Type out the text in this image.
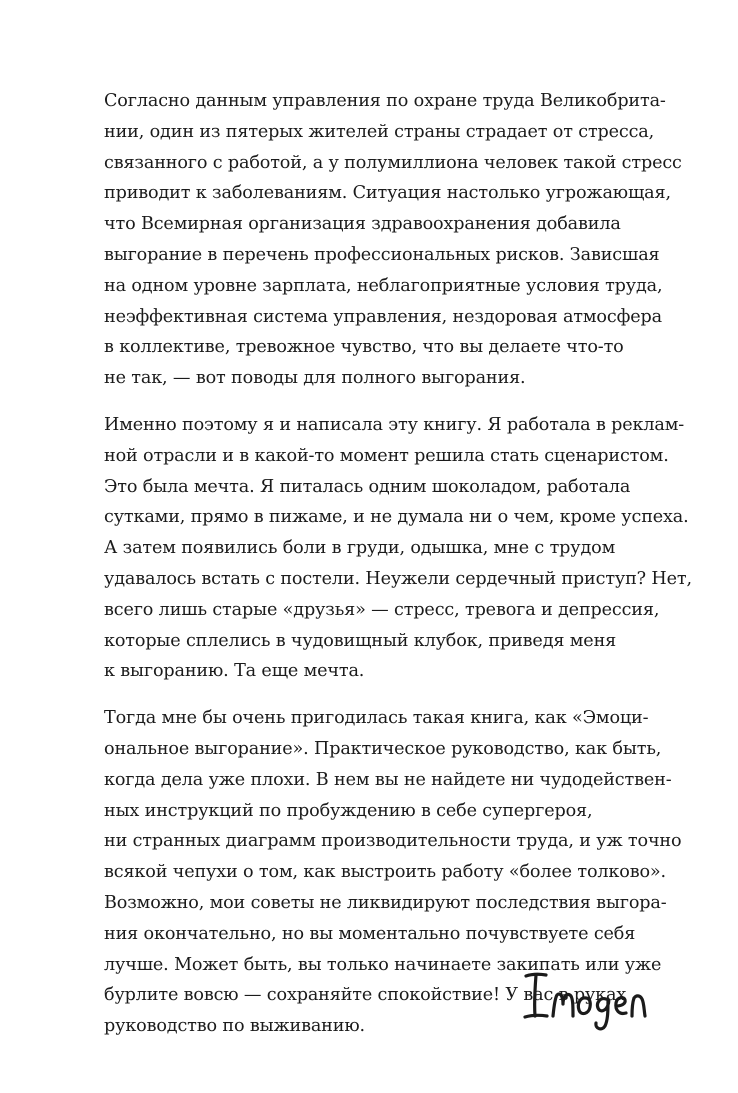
Согласно данным управления по охране труда Великобрита-
нии, один из пятерых жителей страны страдает от стресса,
связанного с работой, а у полумиллиона человек такой стресс
приводит к заболеваниям. Ситуация настолько угрожающая,
что Всемирная организация здравоохранения добавила
выгорание в перечень профессиональных рисков. Зависшая
на одном уровне зарплата, неблагоприятные условия труда,
неэффективная система управления, нездоровая атмосфера
в коллективе, тревожное чувство, что вы делаете что-то
не так, — вот поводы для полного выгорания.

Именно поэтому я и написала эту книгу. Я работала в реклам-
ной отрасли и в какой-то момент решила стать сценаристом.
Это была мечта. Я питалась одним шоколадом, работала
сутками, прямо в пижаме, и не думала ни о чем, кроме успеха.
А затем появились боли в груди, одышка, мне с трудом
удавалось встать с постели. Неужели сердечный приступ? Нет,
всего лишь старые «друзья» — стресс, тревога и депрессия,
которые сплелись в чудовищный клубок, приведя меня
к выгоранию. Та еще мечта.

Тогда мне бы очень пригодилась такая книга, как «Эмоци-
ональное выгорание». Практическое руководство, как быть,
когда дела уже плохи. В нем вы не найдете ни чудодействен-
ных инструкций по пробуждению в себе супергероя,
ни странных диаграмм производительности труда, и уж точно
всякой чепухи о том, как выстроить работу «более толково».
Возможно, мои советы не ликвидируют последствия выгора-
ния окончательно, но вы моментально почувствуете себя
лучше. Может быть, вы только начинаете закипать или уже
бурлите вовсю — сохраняйте спокойствие! У вас в руках
руководство по выживанию.
